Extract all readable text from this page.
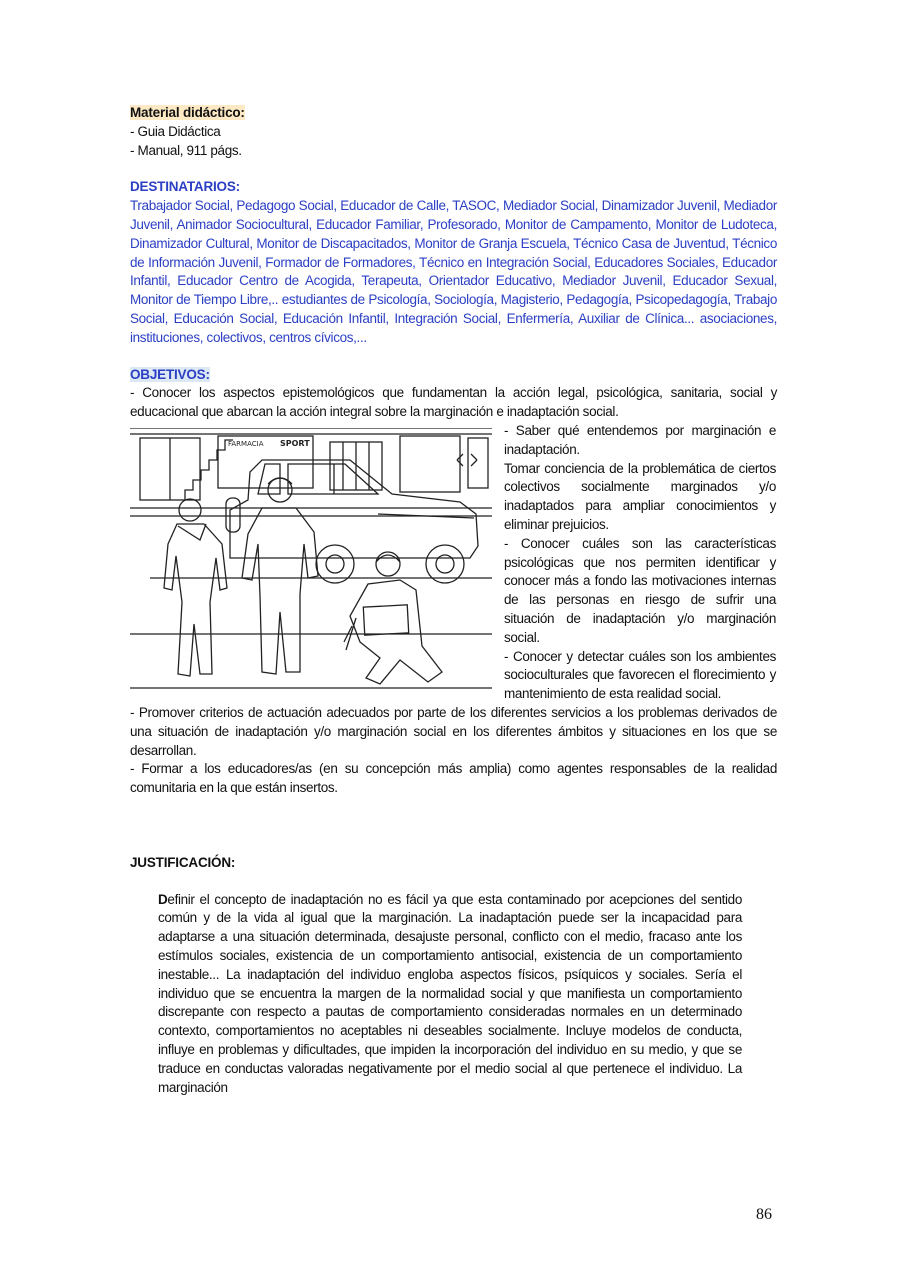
Material didáctico:
- Guia Didáctica
- Manual, 911 págs.
DESTINATARIOS:
Trabajador Social, Pedagogo Social, Educador de Calle, TASOC, Mediador Social, Dinamizador Juvenil, Mediador Juvenil, Animador Sociocultural, Educador Familiar, Profesorado, Monitor de Campamento, Monitor de Ludoteca, Dinamizador Cultural, Monitor de Discapacitados, Monitor de Granja Escuela, Técnico Casa de Juventud, Técnico de Información Juvenil, Formador de Formadores, Técnico en Integración Social, Educadores Sociales, Educador Infantil, Educador Centro de Acogida, Terapeuta, Orientador Educativo, Mediador Juvenil, Educador Sexual, Monitor de Tiempo Libre,.. estudiantes de Psicología, Sociología, Magisterio, Pedagogía, Psicopedagogía, Trabajo Social, Educación Social, Educación Infantil, Integración Social, Enfermería, Auxiliar de Clínica... asociaciones, instituciones, colectivos, centros cívicos,...
OBJETIVOS:
- Conocer los aspectos epistemológicos que fundamentan la acción legal, psicológica, sanitaria, social y educacional que abarcan la acción integral sobre la marginación e inadaptación social.
FARMACIA SPORT
- Saber qué entendemos por marginación e inadaptación.
Tomar conciencia de la problemática de ciertos colectivos socialmente marginados y/o inadaptados para ampliar conocimientos y eliminar prejuicios.
- Conocer cuáles son las características psicológicas que nos permiten identificar y conocer más a fondo las motivaciones internas de las personas en riesgo de sufrir una situación de inadaptación y/o marginación social.
- Conocer y detectar cuáles son los ambientes socioculturales que favorecen el florecimiento y mantenimiento de esta realidad social.
- Promover criterios de actuación adecuados por parte de los diferentes servicios a los problemas derivados de una situación de inadaptación y/o marginación social en los diferentes ámbitos y situaciones en los que se desarrollan.
- Formar a los educadores/as (en su concepción más amplia) como agentes responsables de la realidad comunitaria en la que están insertos.
JUSTIFICACIÓN:
Definir el concepto de inadaptación no es fácil ya que esta contaminado por acepciones del sentido común y de la vida al igual que la marginación. La inadaptación puede ser la incapacidad para adaptarse a una situación determinada, desajuste personal, conflicto con el medio, fracaso ante los estímulos sociales, existencia de un comportamiento antisocial, existencia de un comportamiento inestable... La inadaptación del individuo engloba aspectos físicos, psíquicos y sociales. Sería el individuo que se encuentra la margen de la normalidad social y que manifiesta un comportamiento discrepante con respecto a pautas de comportamiento consideradas normales en un determinado contexto, comportamientos no aceptables ni deseables socialmente. Incluye modelos de conducta, influye en problemas y dificultades, que impiden la incorporación del individuo en su medio, y que se traduce en conductas valoradas negativamente por el medio social al que pertenece el individuo. La marginación
86
